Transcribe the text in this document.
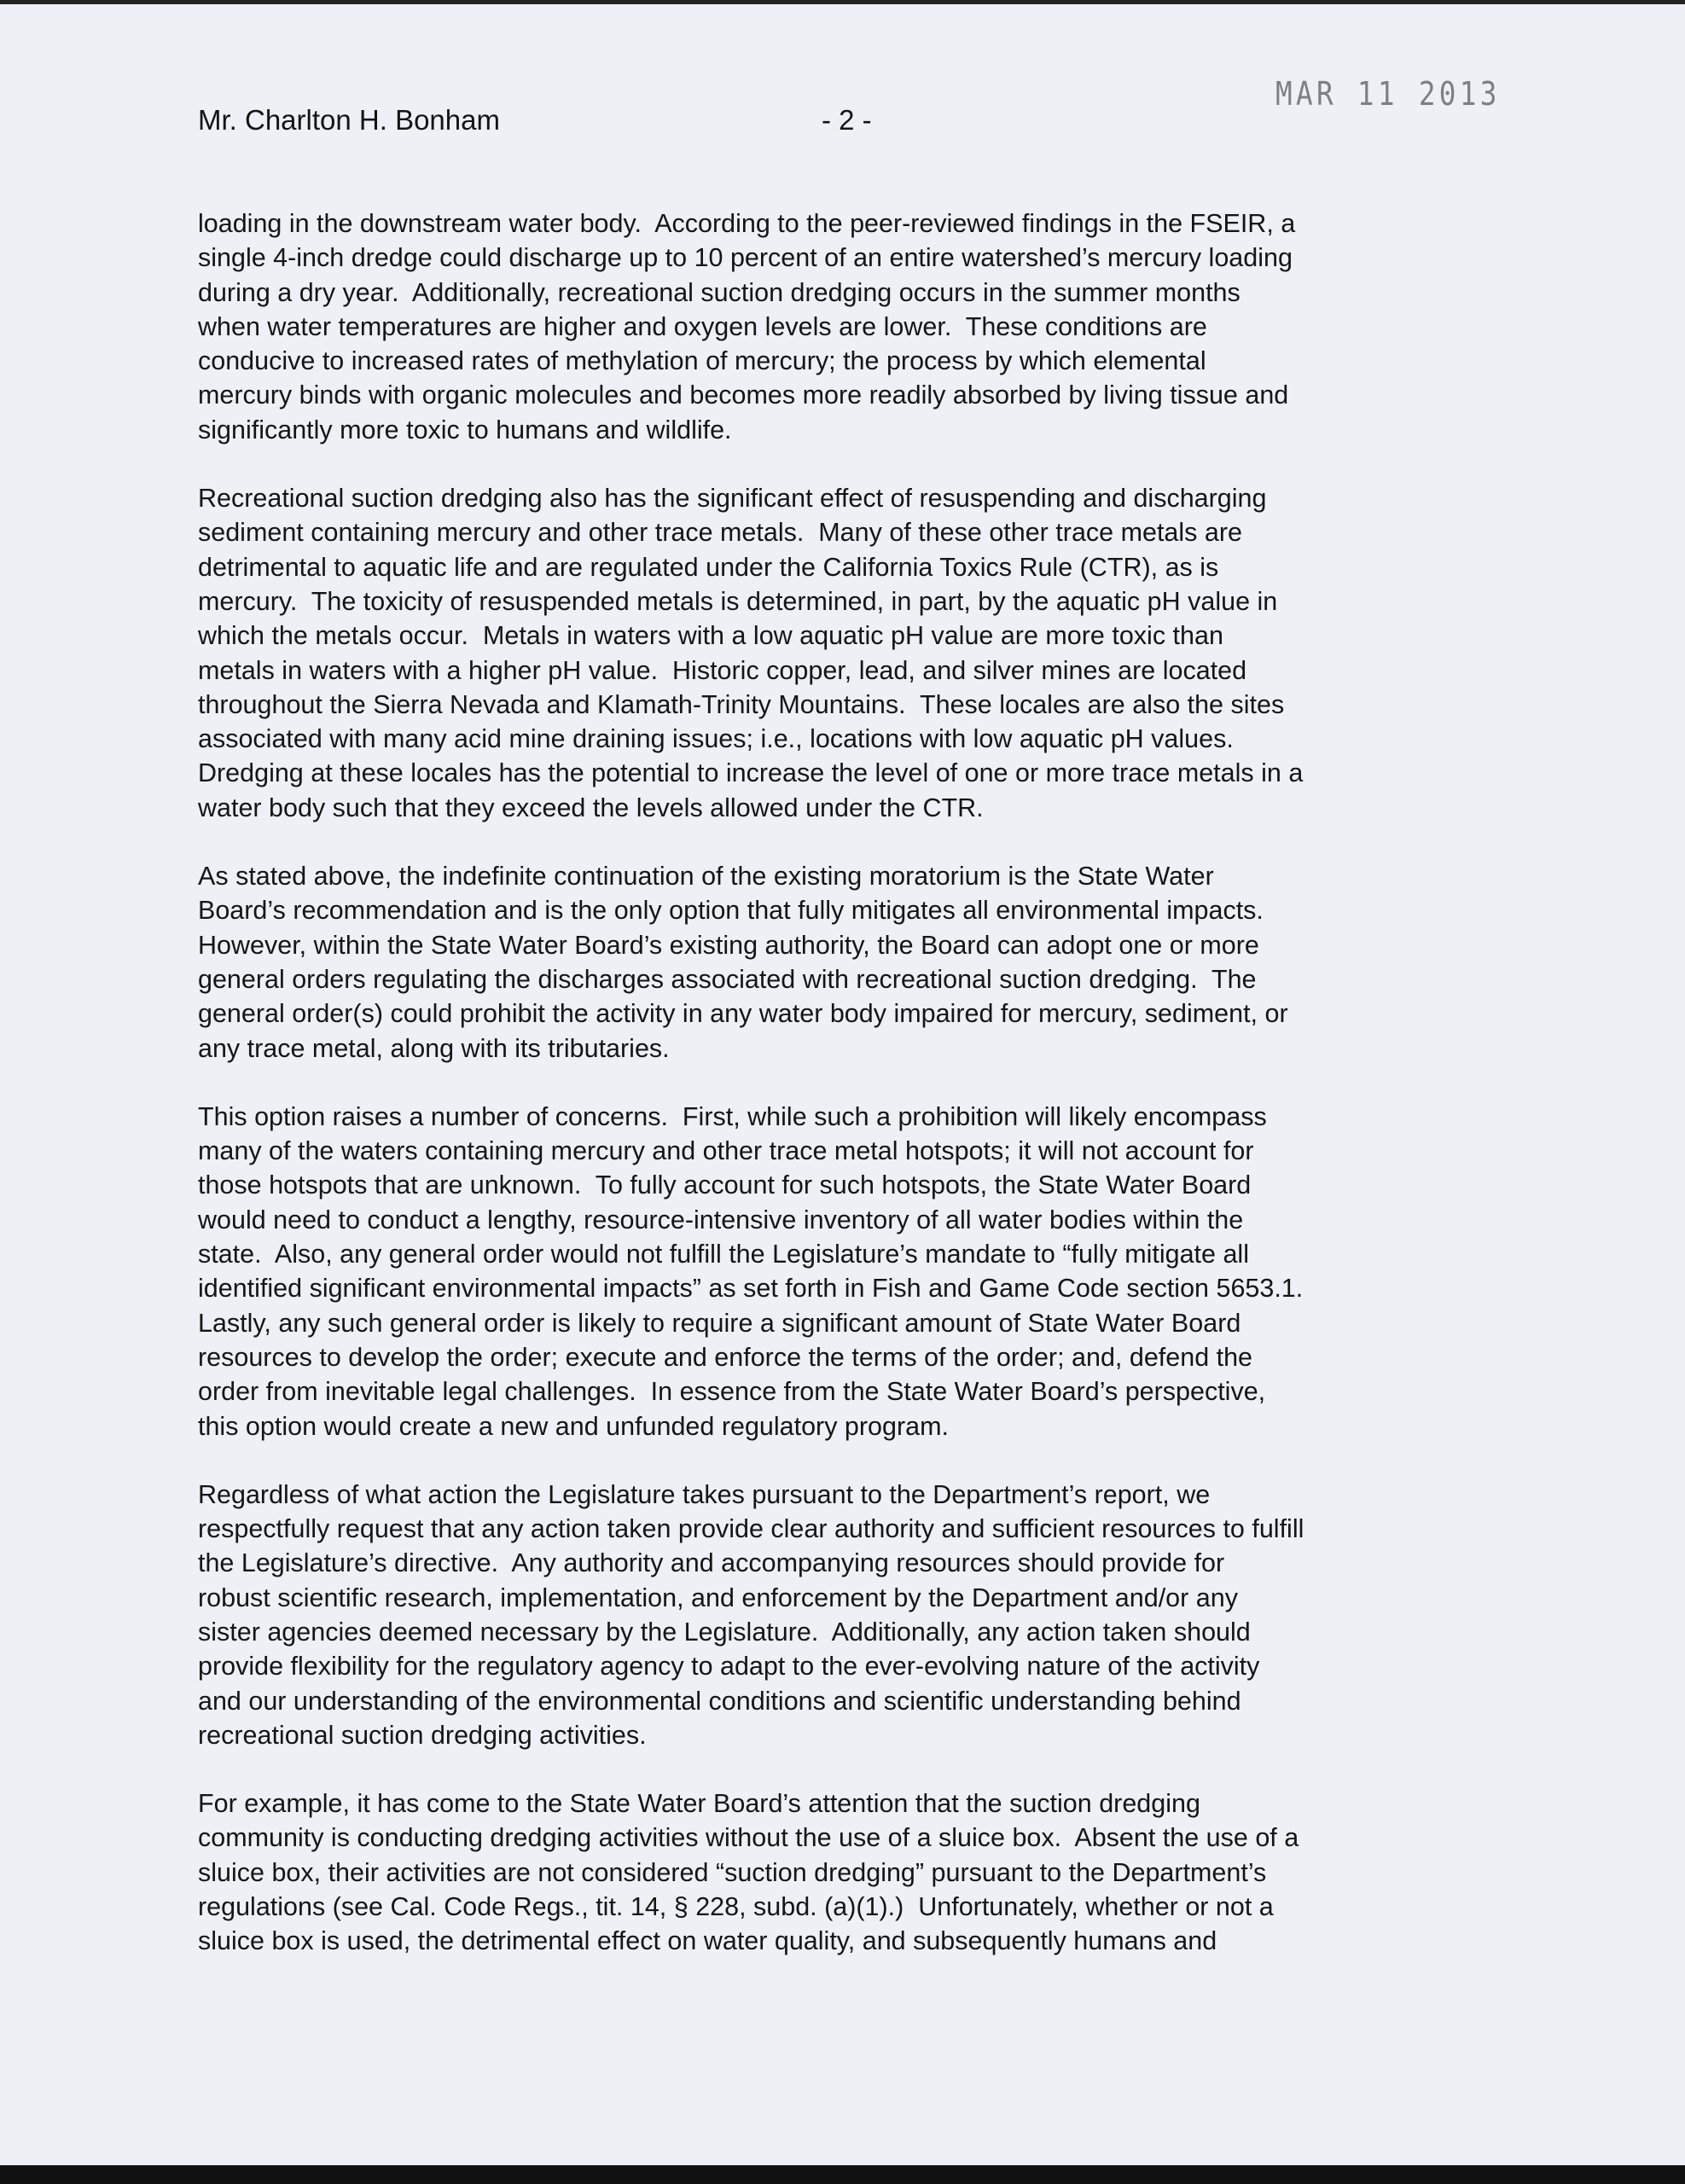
MAR 11 2013
Mr. Charlton H. Bonham	- 2 -

loading in the downstream water body.  According to the peer-reviewed findings in the FSEIR, a
single 4-inch dredge could discharge up to 10 percent of an entire watershed’s mercury loading
during a dry year.  Additionally, recreational suction dredging occurs in the summer months
when water temperatures are higher and oxygen levels are lower.  These conditions are
conducive to increased rates of methylation of mercury; the process by which elemental
mercury binds with organic molecules and becomes more readily absorbed by living tissue and
significantly more toxic to humans and wildlife.

Recreational suction dredging also has the significant effect of resuspending and discharging
sediment containing mercury and other trace metals.  Many of these other trace metals are
detrimental to aquatic life and are regulated under the California Toxics Rule (CTR), as is
mercury.  The toxicity of resuspended metals is determined, in part, by the aquatic pH value in
which the metals occur.  Metals in waters with a low aquatic pH value are more toxic than
metals in waters with a higher pH value.  Historic copper, lead, and silver mines are located
throughout the Sierra Nevada and Klamath-Trinity Mountains.  These locales are also the sites
associated with many acid mine draining issues; i.e., locations with low aquatic pH values.
Dredging at these locales has the potential to increase the level of one or more trace metals in a
water body such that they exceed the levels allowed under the CTR.

As stated above, the indefinite continuation of the existing moratorium is the State Water
Board’s recommendation and is the only option that fully mitigates all environmental impacts.
However, within the State Water Board’s existing authority, the Board can adopt one or more
general orders regulating the discharges associated with recreational suction dredging.  The
general order(s) could prohibit the activity in any water body impaired for mercury, sediment, or
any trace metal, along with its tributaries.

This option raises a number of concerns.  First, while such a prohibition will likely encompass
many of the waters containing mercury and other trace metal hotspots; it will not account for
those hotspots that are unknown.  To fully account for such hotspots, the State Water Board
would need to conduct a lengthy, resource-intensive inventory of all water bodies within the
state.  Also, any general order would not fulfill the Legislature’s mandate to “fully mitigate all
identified significant environmental impacts” as set forth in Fish and Game Code section 5653.1.
Lastly, any such general order is likely to require a significant amount of State Water Board
resources to develop the order; execute and enforce the terms of the order; and, defend the
order from inevitable legal challenges.  In essence from the State Water Board’s perspective,
this option would create a new and unfunded regulatory program.

Regardless of what action the Legislature takes pursuant to the Department’s report, we
respectfully request that any action taken provide clear authority and sufficient resources to fulfill
the Legislature’s directive.  Any authority and accompanying resources should provide for
robust scientific research, implementation, and enforcement by the Department and/or any
sister agencies deemed necessary by the Legislature.  Additionally, any action taken should
provide flexibility for the regulatory agency to adapt to the ever-evolving nature of the activity
and our understanding of the environmental conditions and scientific understanding behind
recreational suction dredging activities.

For example, it has come to the State Water Board’s attention that the suction dredging
community is conducting dredging activities without the use of a sluice box.  Absent the use of a
sluice box, their activities are not considered “suction dredging” pursuant to the Department’s
regulations (see Cal. Code Regs., tit. 14, § 228, subd. (a)(1).)  Unfortunately, whether or not a
sluice box is used, the detrimental effect on water quality, and subsequently humans and
